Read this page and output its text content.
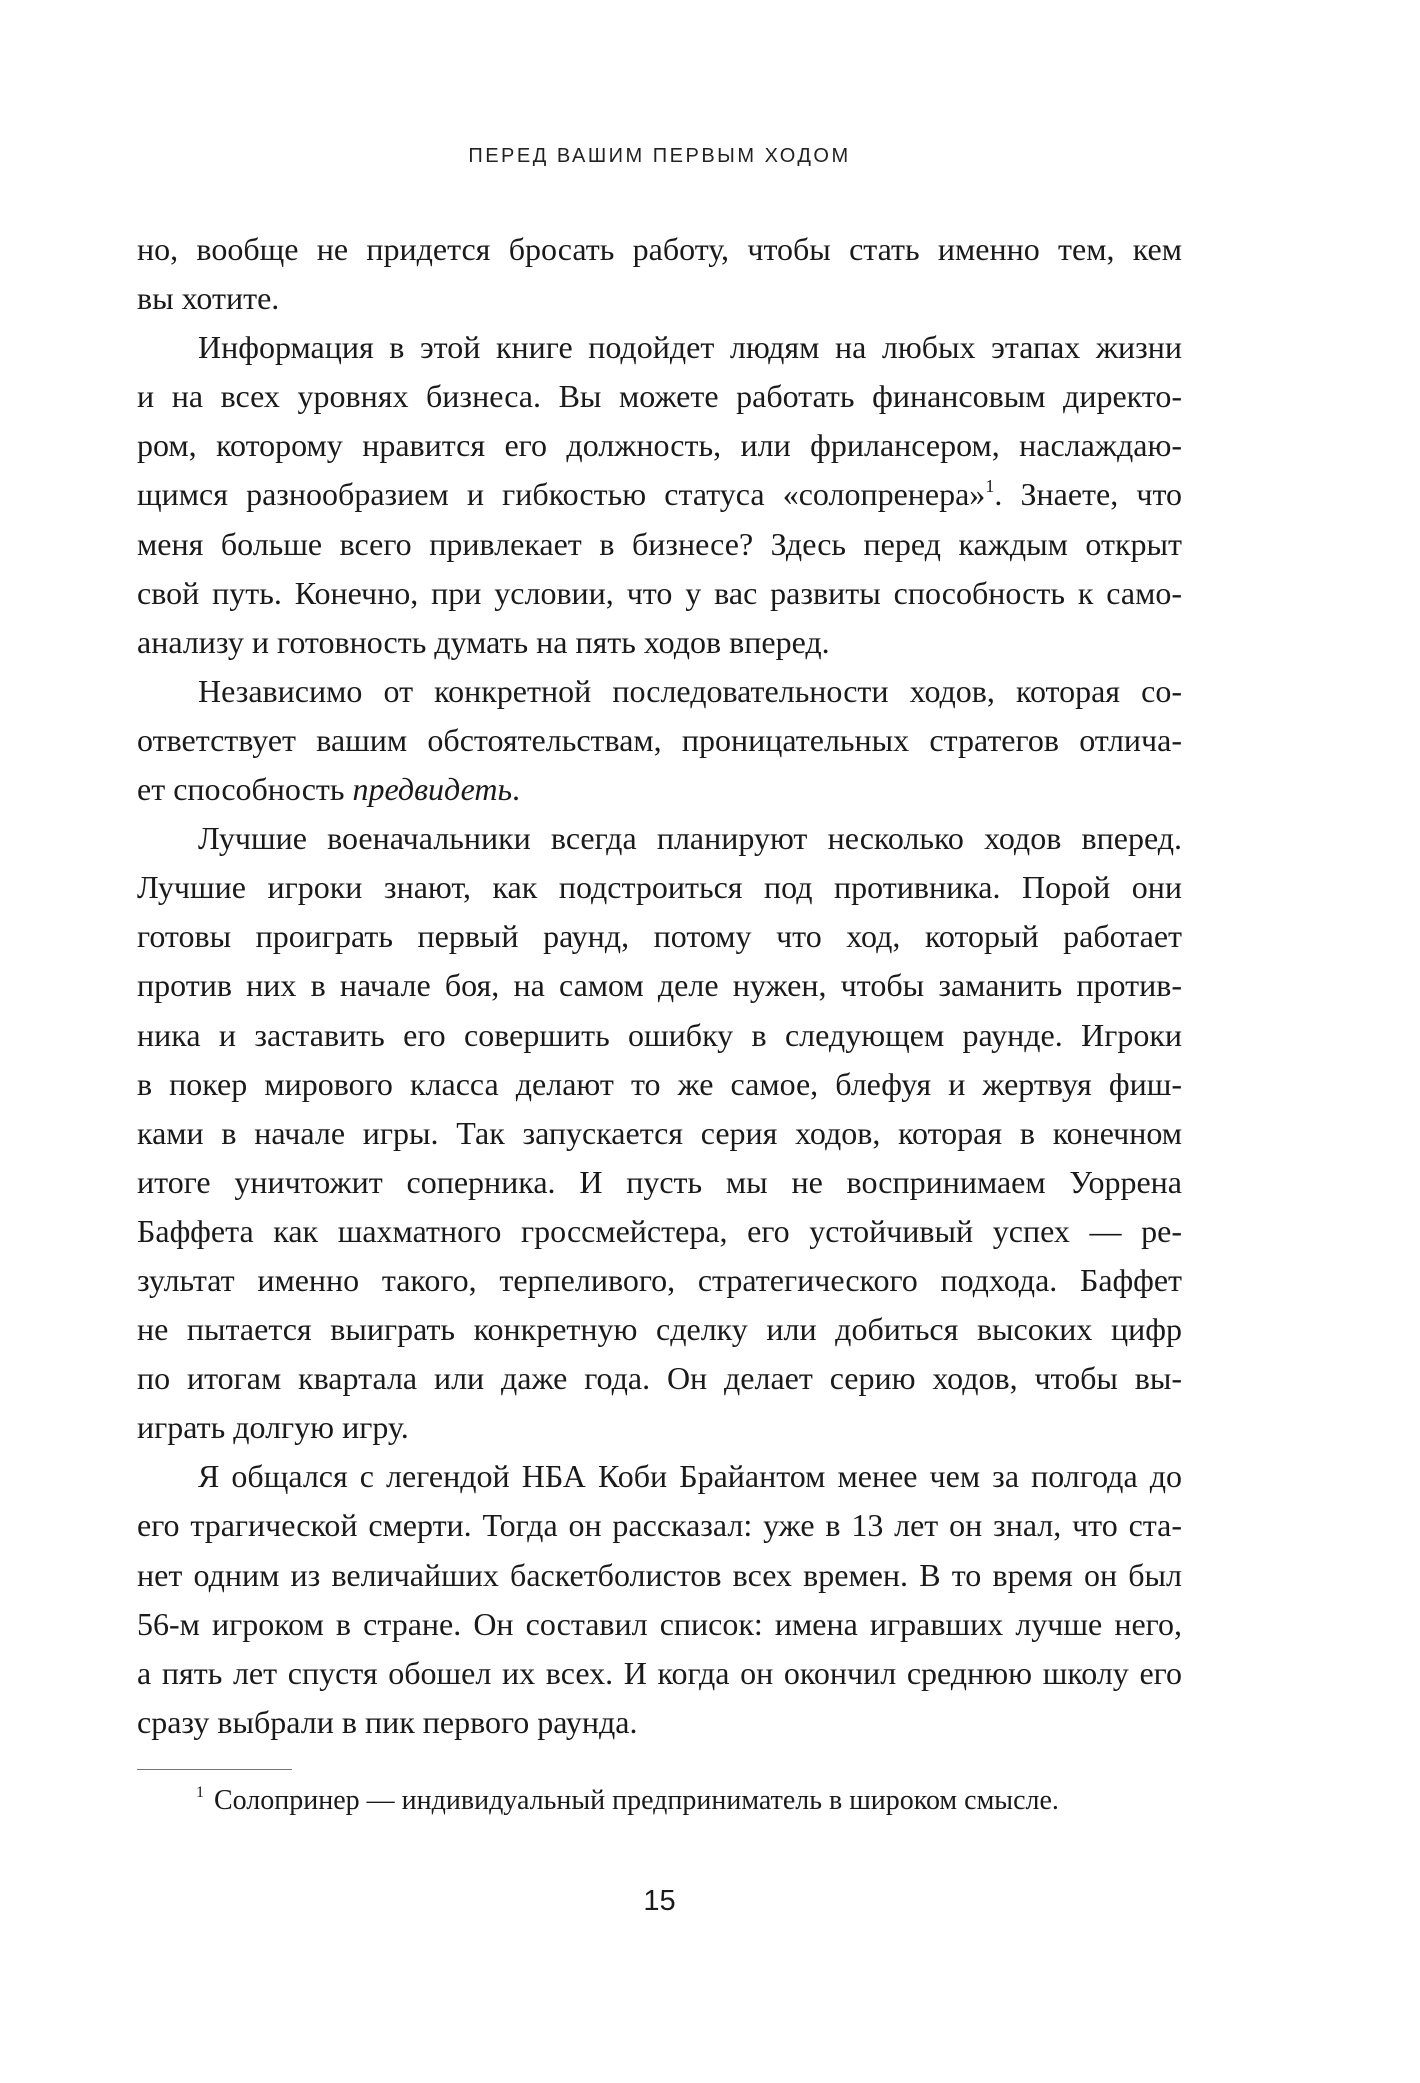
ПЕРЕД ВАШИМ ПЕРВЫМ ХОДОМ
но, вообще не придется бросать работу, чтобы стать именно тем, кем
вы хотите.
Информация в этой книге подойдет людям на любых этапах жизни
и на всех уровнях бизнеса. Вы можете работать финансовым директо-
ром, которому нравится его должность, или фрилансером, наслаждаю-
щимся разнообразием и гибкостью статуса «солопренера»$^1$. Знаете, что
меня больше всего привлекает в бизнесе? Здесь перед каждым открыт
свой путь. Конечно, при условии, что у вас развиты способность к само-
анализу и готовность думать на пять ходов вперед.
Независимо от конкретной последовательности ходов, которая со-
ответствует вашим обстоятельствам, проницательных стратегов отлича-
ет способность предвидеть.
Лучшие военачальники всегда планируют несколько ходов вперед.
Лучшие игроки знают, как подстроиться под противника. Порой они
готовы проиграть первый раунд, потому что ход, который работает
против них в начале боя, на самом деле нужен, чтобы заманить против-
ника и заставить его совершить ошибку в следующем раунде. Игроки
в покер мирового класса делают то же самое, блефуя и жертвуя фиш-
ками в начале игры. Так запускается серия ходов, которая в конечном
итоге уничтожит соперника. И пусть мы не воспринимаем Уоррена
Баффета как шахматного гроссмейстера, его устойчивый успех — ре-
зультат именно такого, терпеливого, стратегического подхода. Баффет
не пытается выиграть конкретную сделку или добиться высоких цифр
по итогам квартала или даже года. Он делает серию ходов, чтобы вы-
играть долгую игру.
Я общался с легендой НБА Коби Брайантом менее чем за полгода до
его трагической смерти. Тогда он рассказал: уже в 13 лет он знал, что ста-
нет одним из величайших баскетболистов всех времен. В то время он был
56-м игроком в стране. Он составил список: имена игравших лучше него,
а пять лет спустя обошел их всех. И когда он окончил среднюю школу его
сразу выбрали в пик первого раунда.
$^1$ Солопринер — индивидуальный предприниматель в широком смысле.
15
